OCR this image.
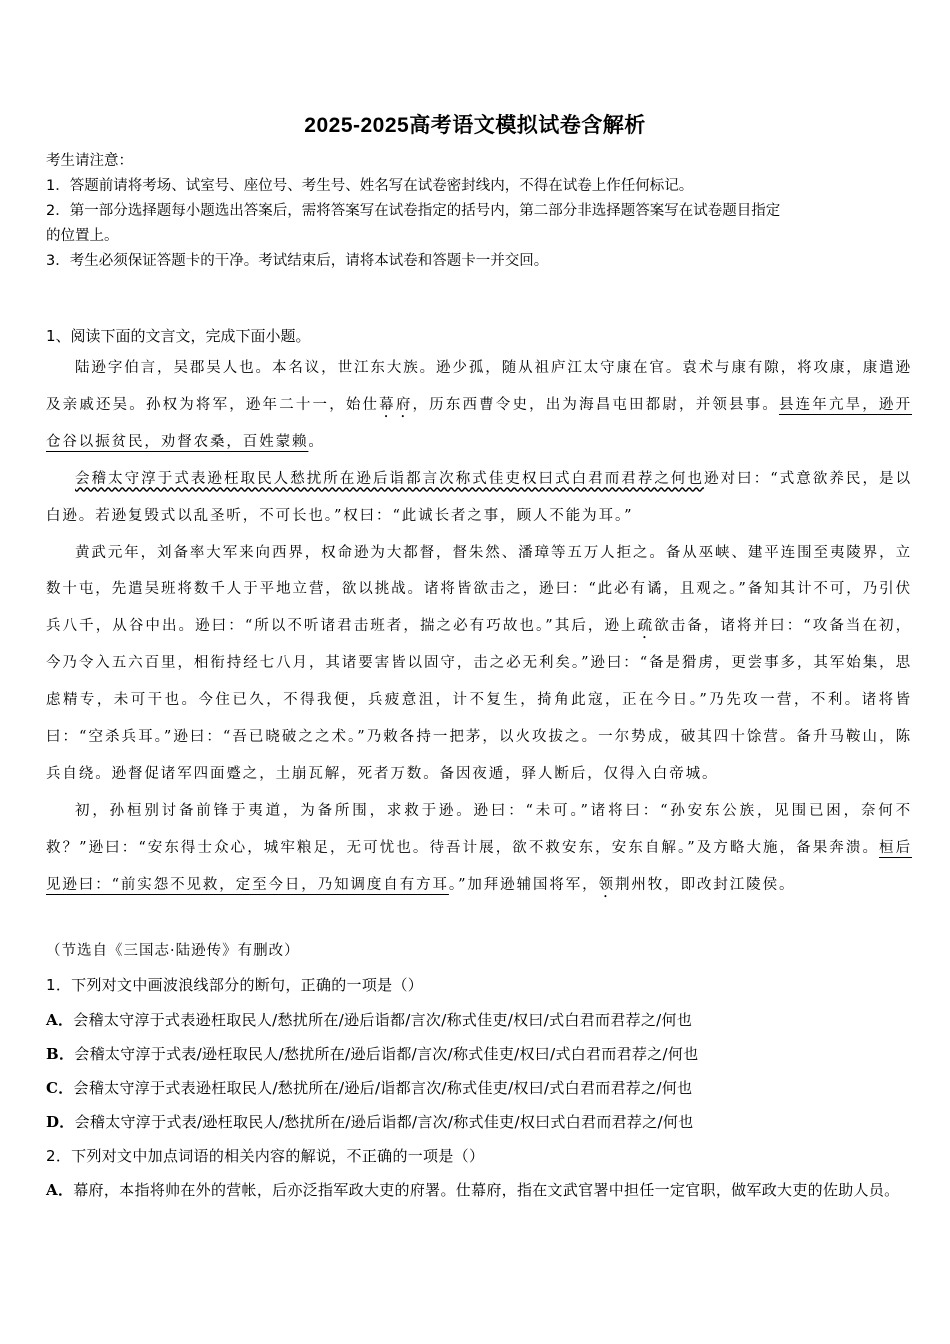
2025-2025高考语文模拟试卷含解析
考生请注意：
1．答题前请将考场、试室号、座位号、考生号、姓名写在试卷密封线内，不得在试卷上作任何标记。
2．第一部分选择题每小题选出答案后，需将答案写在试卷指定的括号内，第二部分非选择题答案写在试卷题目指定
的位置上。
3．考生必须保证答题卡的干净。考试结束后，请将本试卷和答题卡一并交回。
1、阅读下面的文言文，完成下面小题。

陆逊字伯言，吴郡吴人也。本名议，世江东大族。逊少孤，随从祖庐江太守康在官。袁术与康有隙，将攻康，康遣逊及亲戚还吴。孙权为将军，逊年二十一，始仕幕府，历东西曹令史，出为海昌屯田都尉，并领县事。县连年亢旱，逊开仓谷以振贫民，劝督农桑，百姓蒙赖。

会稽太守淳于式表逊枉取民人愁扰所在逊后诣都言次称式佳吏权曰式白君而君荐之何也逊对曰：“式意欲养民，是以白逊。若逊复毁式以乱圣听，不可长也。”权曰：“此诚长者之事，顾人不能为耳。”

黄武元年，刘备率大军来向西界，权命逊为大都督，督朱然、潘璋等五万人拒之。备从巫峡、建平连围至夷陵界，立数十屯，先遣吴班将数千人于平地立营，欲以挑战。诸将皆欲击之，逊曰：“此必有谲，且观之。”备知其计不可，乃引伏兵八千，从谷中出。逊曰：“所以不听诸君击班者，揣之必有巧故也。”其后，逊上疏欲击备，诸将并曰：“攻备当在初，今乃令入五六百里，相衔持经七八月，其诸要害皆以固守，击之必无利矣。”逊曰：“备是猾虏，更尝事多，其军始集，思虑精专，未可干也。今住已久，不得我便，兵疲意沮，计不复生，掎角此寇，正在今日。”乃先攻一营，不利。诸将皆曰：“空杀兵耳。”逊曰：“吾已晓破之之术。”乃敕各持一把茅，以火攻拔之。一尔势成，破其四十馀营。备升马鞍山，陈兵自绕。逊督促诸军四面蹙之，土崩瓦解，死者万数。备因夜遁，驿人断后，仅得入白帝城。

初，孙桓别讨备前锋于夷道，为备所围，求救于逊。逊曰：“未可。”诸将曰：“孙安东公族，见围已困，奈何不救？”逊曰：“安东得士众心，城牢粮足，无可忧也。待吾计展，欲不救安东，安东自解。”及方略大施，备果奔溃。桓后见逊曰：“前实怨不见救，定至今日，乃知调度自有方耳。”加拜逊辅国将军，领荆州牧，即改封江陵侯。

（节选自《三国志·陆逊传》有删改）
1．下列对文中画波浪线部分的断句，正确的一项是（）
A．会稽太守淳于式表逊枉取民人/愁扰所在/逊后诣都/言次/称式佳吏/权曰/式白君而君荐之/何也
B．会稽太守淳于式表/逊枉取民人/愁扰所在/逊后诣都/言次/称式佳吏/权曰/式白君而君荐之/何也
C．会稽太守淳于式表逊枉取民人/愁扰所在/逊后/诣都言次/称式佳吏/权曰/式白君而君荐之/何也
D．会稽太守淳于式表/逊枉取民人/愁扰所在/逊后诣都/言次/称式佳吏/权曰式白君而君荐之/何也
2．下列对文中加点词语的相关内容的解说，不正确的一项是（）
A．幕府，本指将帅在外的营帐，后亦泛指军政大吏的府署。仕幕府，指在文武官署中担任一定官职，做军政大吏的佐助人员。
